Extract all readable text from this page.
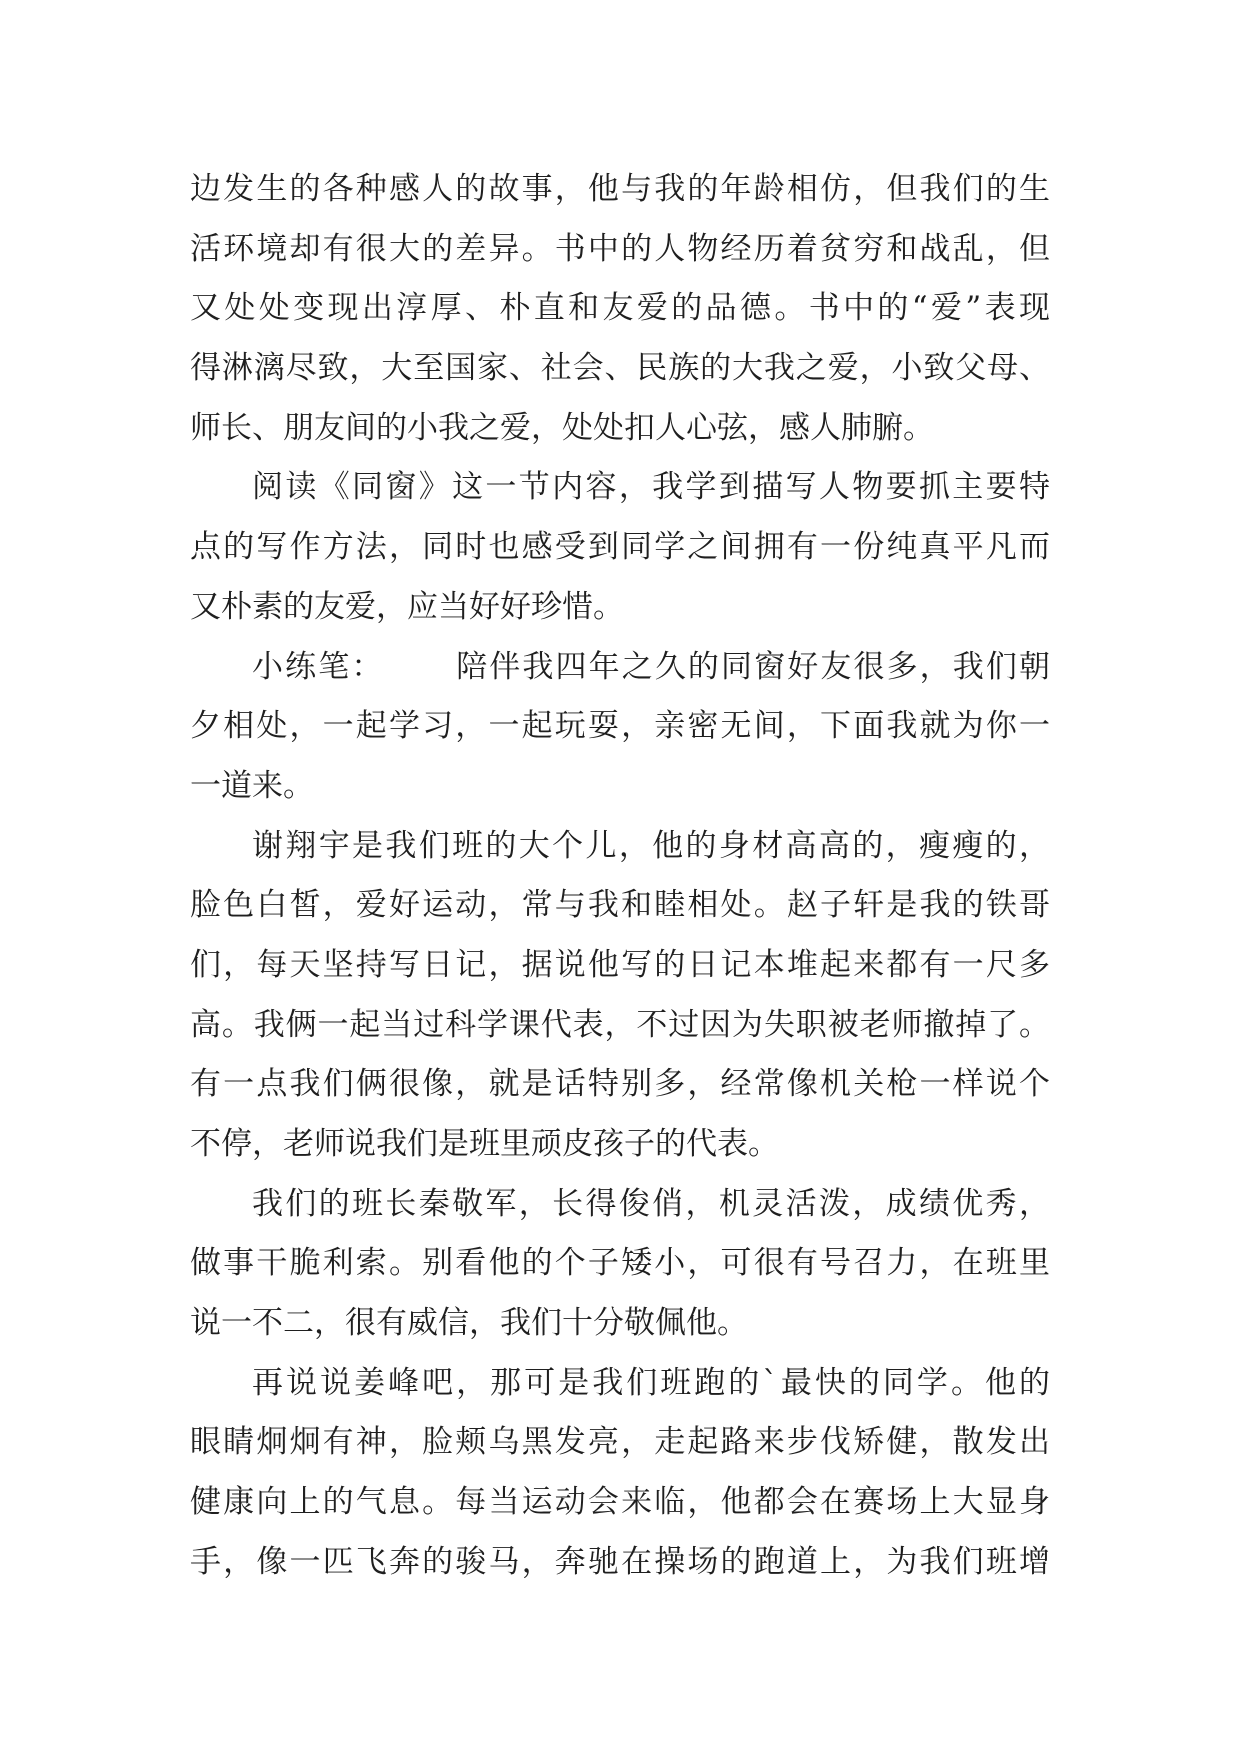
边发生的各种感人的故事，他与我的年龄相仿，但我们的生
活环境却有很大的差异。书中的人物经历着贫穷和战乱，但
又处处变现出淳厚、朴直和友爱的品德。书中的“爱”表现
得淋漓尽致，大至国家、社会、民族的大我之爱，小致父母、
师长、朋友间的小我之爱，处处扣人心弦，感人肺腑。
阅读《同窗》这一节内容，我学到描写人物要抓主要特
点的写作方法，同时也感受到同学之间拥有一份纯真平凡而
又朴素的友爱，应当好好珍惜。
小练笔：      陪伴我四年之久的同窗好友很多，我们朝
夕相处，一起学习，一起玩耍，亲密无间，下面我就为你一
一道来。
谢翔宇是我们班的大个儿，他的身材高高的，瘦瘦的，
脸色白皙，爱好运动，常与我和睦相处。赵子轩是我的铁哥
们，每天坚持写日记，据说他写的日记本堆起来都有一尺多
高。我俩一起当过科学课代表，不过因为失职被老师撤掉了。
有一点我们俩很像，就是话特别多，经常像机关枪一样说个
不停，老师说我们是班里顽皮孩子的代表。
我们的班长秦敬军，长得俊俏，机灵活泼，成绩优秀，
做事干脆利索。别看他的个子矮小，可很有号召力，在班里
说一不二，很有威信，我们十分敬佩他。
再说说姜峰吧，那可是我们班跑的`最快的同学。他的
眼睛炯炯有神，脸颊乌黑发亮，走起路来步伐矫健，散发出
健康向上的气息。每当运动会来临，他都会在赛场上大显身
手，像一匹飞奔的骏马，奔驰在操场的跑道上，为我们班增
